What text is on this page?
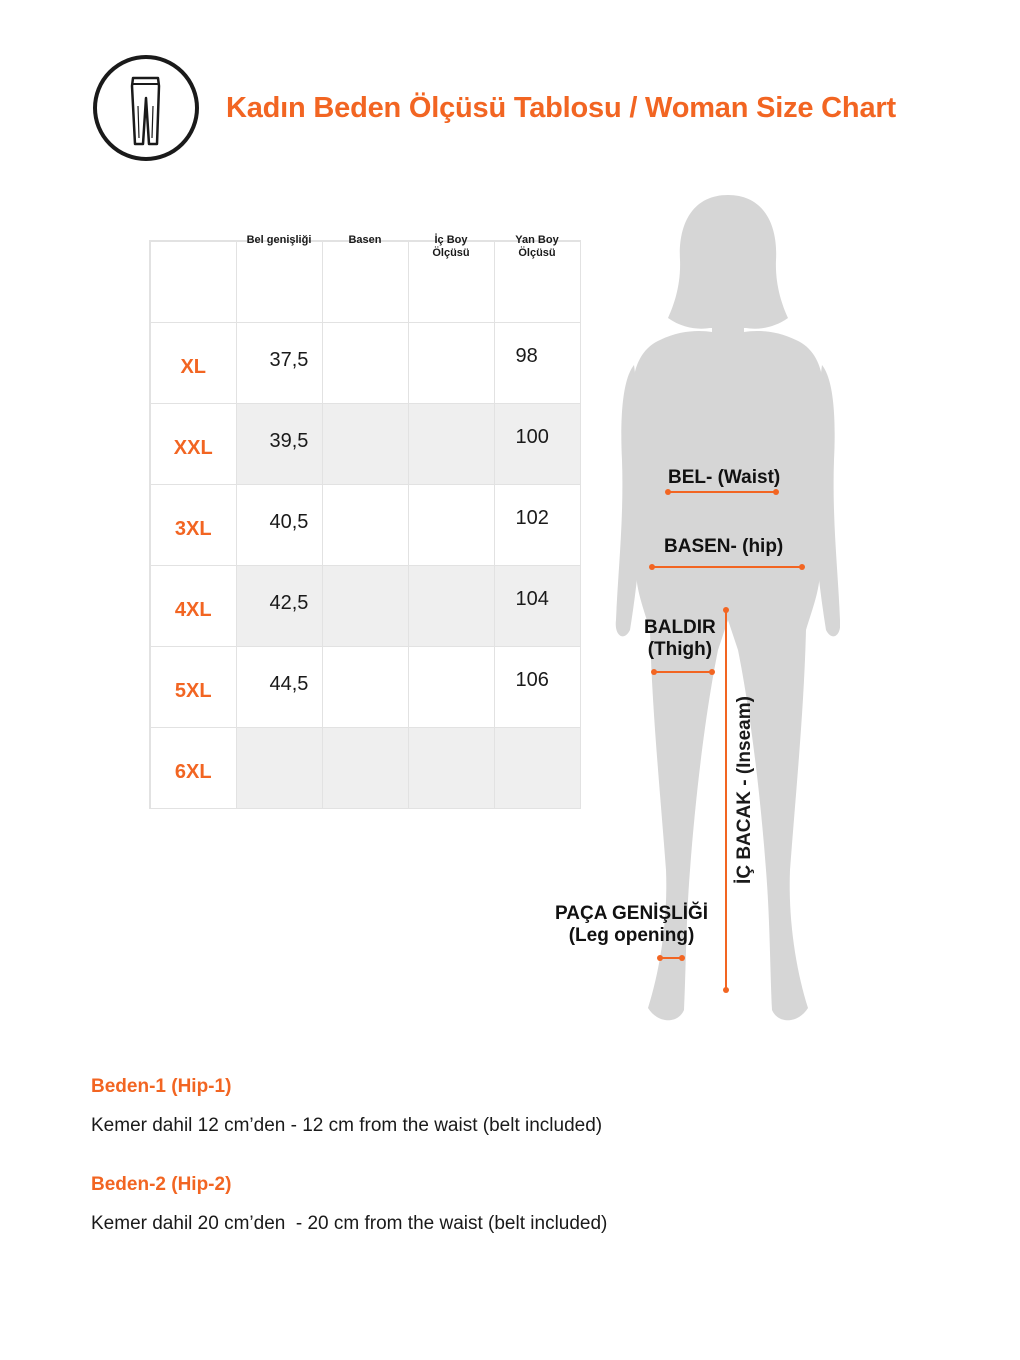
Kadın Beden Ölçüsü Tablosu / Woman Size Chart

	Bel genişliği	Basen	İç Boy Ölçüsü	Yan Boy Ölçüsü

XL	37,5			98

XXL	39,5			100

3XL	40,5			102

4XL	42,5			104

5XL	44,5			106

6XL				

BEL- (Waist)
BASEN- (hip)
BALDIR
(Thigh)
İÇ BACAK - (Inseam)
PAÇA GENİŞLİĞİ
(Leg opening)
Beden-1 (Hip-1)
Kemer dahil 12 cm’den - 12 cm from the waist (belt included)
Beden-2 (Hip-2)
Kemer dahil 20 cm’den  - 20 cm from the waist (belt included)
